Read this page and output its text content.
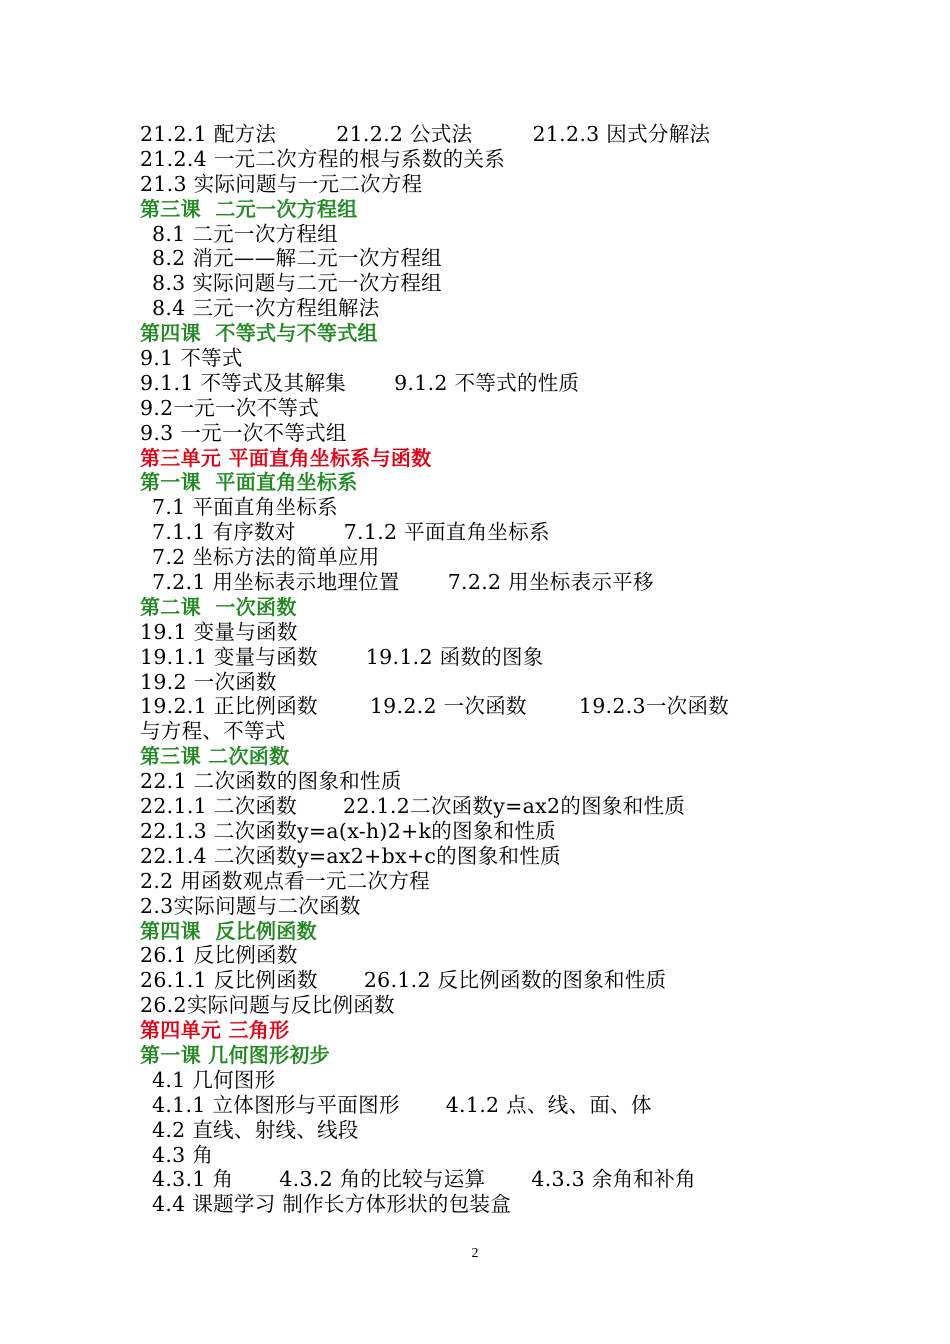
21.2.1 配方法	21.2.2 公式法	21.2.3 因式分解法
21.2.4 一元二次方程的根与系数的关系
21.3 实际问题与一元二次方程
第三课  二元一次方程组
8.1 二元一次方程组
8.2 消元——解二元一次方程组
8.3 实际问题与二元一次方程组
8.4 三元一次方程组解法
第四课  不等式与不等式组
9.1 不等式
9.1.1 不等式及其解集 9.1.2 不等式的性质
9.2一元一次不等式
9.3 一元一次不等式组
第三单元 平面直角坐标系与函数
第一课  平面直角坐标系
7.1 平面直角坐标系
7.1.1 有序数对 7.1.2 平面直角坐标系
7.2 坐标方法的简单应用
7.2.1 用坐标表示地理位置 7.2.2 用坐标表示平移
第二课  一次函数
19.1 变量与函数
19.1.1 变量与函数 19.1.2 函数的图象
19.2 一次函数
19.2.1 正比例函数	19.2.2 一次函数	19.2.3一次函数
与方程、不等式
第三课 二次函数
22.1 二次函数的图象和性质
22.1.1 二次函数 22.1.2二次函数y=ax2的图象和性质
22.1.3 二次函数y=a(x-h)2+k的图象和性质
22.1.4 二次函数y=ax2+bx+c的图象和性质
2.2 用函数观点看一元二次方程
2.3实际问题与二次函数
第四课  反比例函数
26.1 反比例函数
26.1.1 反比例函数 26.1.2 反比例函数的图象和性质
26.2实际问题与反比例函数
第四单元 三角形
第一课 几何图形初步
4.1 几何图形
4.1.1 立体图形与平面图形 4.1.2 点、线、面、体
4.2 直线、射线、线段
4.3 角
4.3.1 角 4.3.2 角的比较与运算 4.3.3 余角和补角
4.4 课题学习 制作长方体形状的包装盒
2
